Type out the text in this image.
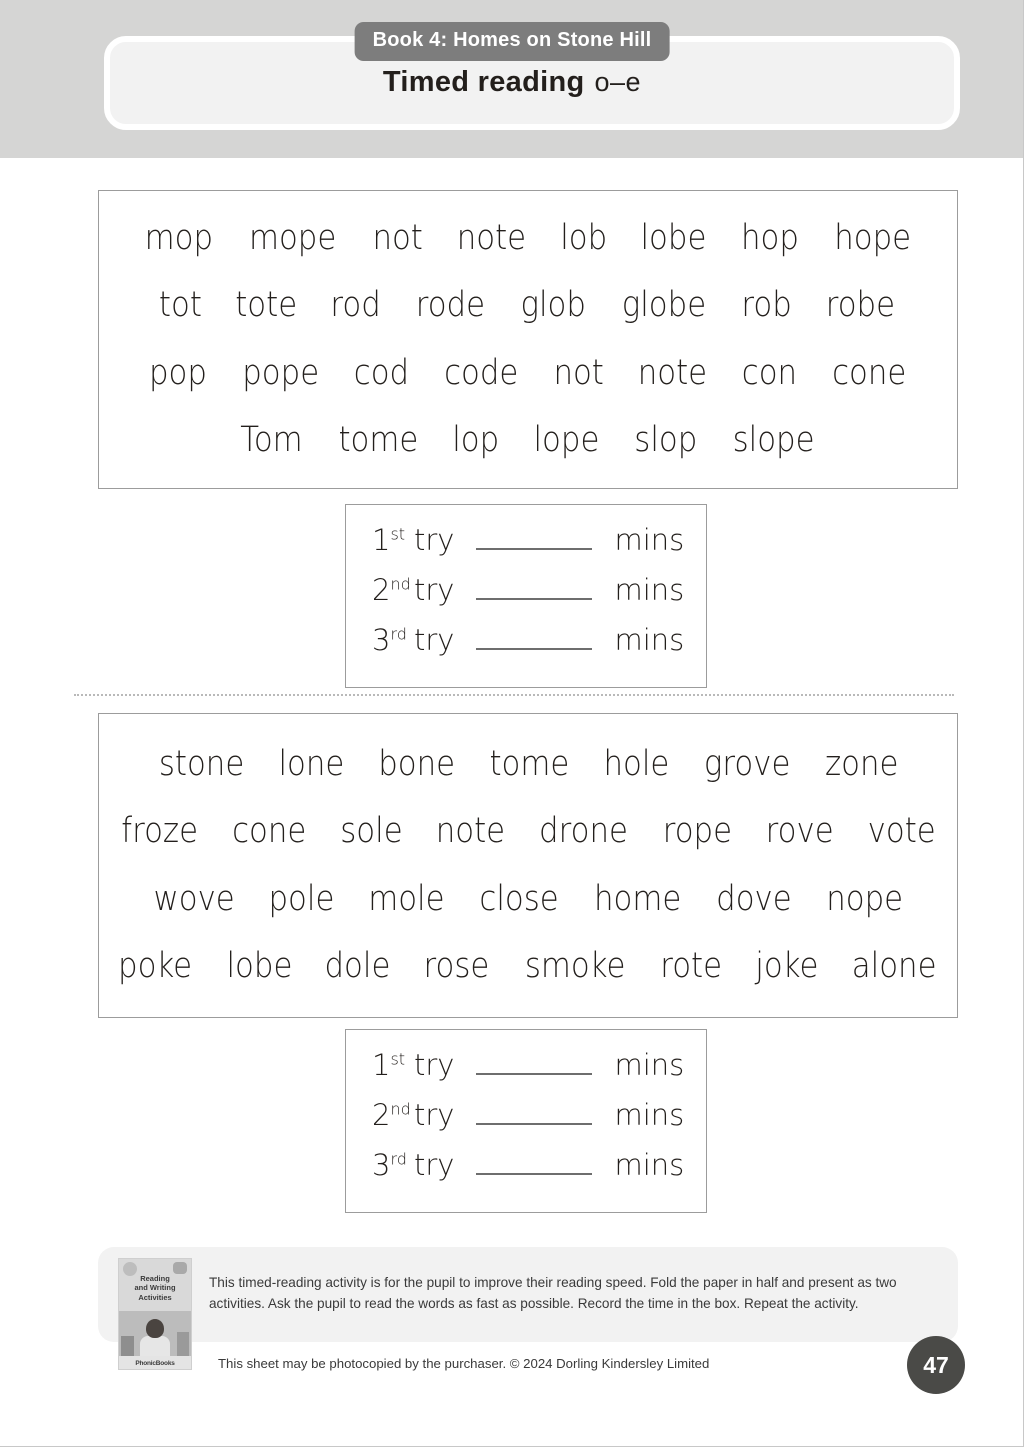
Book 4: Homes on Stone Hill
Timed reading o–e
mop mope not note lob lobe hop hope
tot tote rod rode glob globe rob robe
pop pope cod code not note con cone
Tom tome lop lope slop slope
1st try	mins
2nd try	mins
3rd try	mins
stone lone bone tome hole grove zone
froze cone sole note drone rope rove vote
wove pole mole close home dove nope
poke lobe dole rose smoke rote joke alone
1st try	mins
2nd try	mins
3rd try	mins
Reading
and Writing
Activities
PhonicBooks
This timed-reading activity is for the pupil to improve their reading speed. Fold the paper in half and present as two activities. Ask the pupil to read the words as fast as possible. Record the time in the box. Repeat the activity.
This sheet may be photocopied by the purchaser. © 2024 Dorling Kindersley Limited	47
